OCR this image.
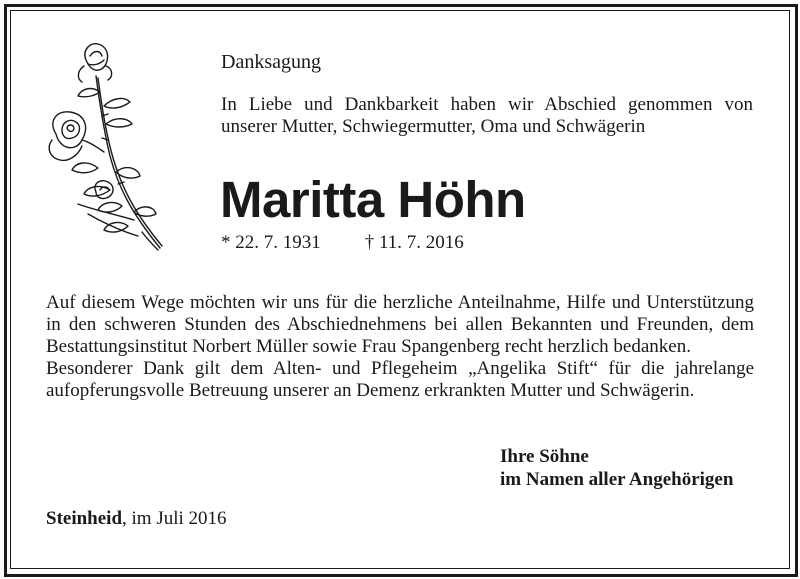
Danksagung

In Liebe und Dankbarkeit haben wir Abschied genommen von unserer Mutter, Schwiegermutter, Oma und Schwägerin

Maritta Höhn
* 22. 7. 1931 † 11. 7. 2016

Auf diesem Wege möchten wir uns für die herzliche Anteilnahme, Hilfe und Unterstützung in den schweren Stunden des Abschiednehmens bei allen Bekannten und Freunden, dem Bestattungsinstitut Norbert Müller sowie Frau Spangenberg recht herzlich bedanken.

Besonderer Dank gilt dem Alten- und Pflegeheim „Angelika Stift“ für die jahrelange aufopferungsvolle Betreuung unserer an Demenz erkrankten Mutter und Schwägerin.

Ihre Söhne
im Namen aller Angehörigen
Steinheid, im Juli 2016
